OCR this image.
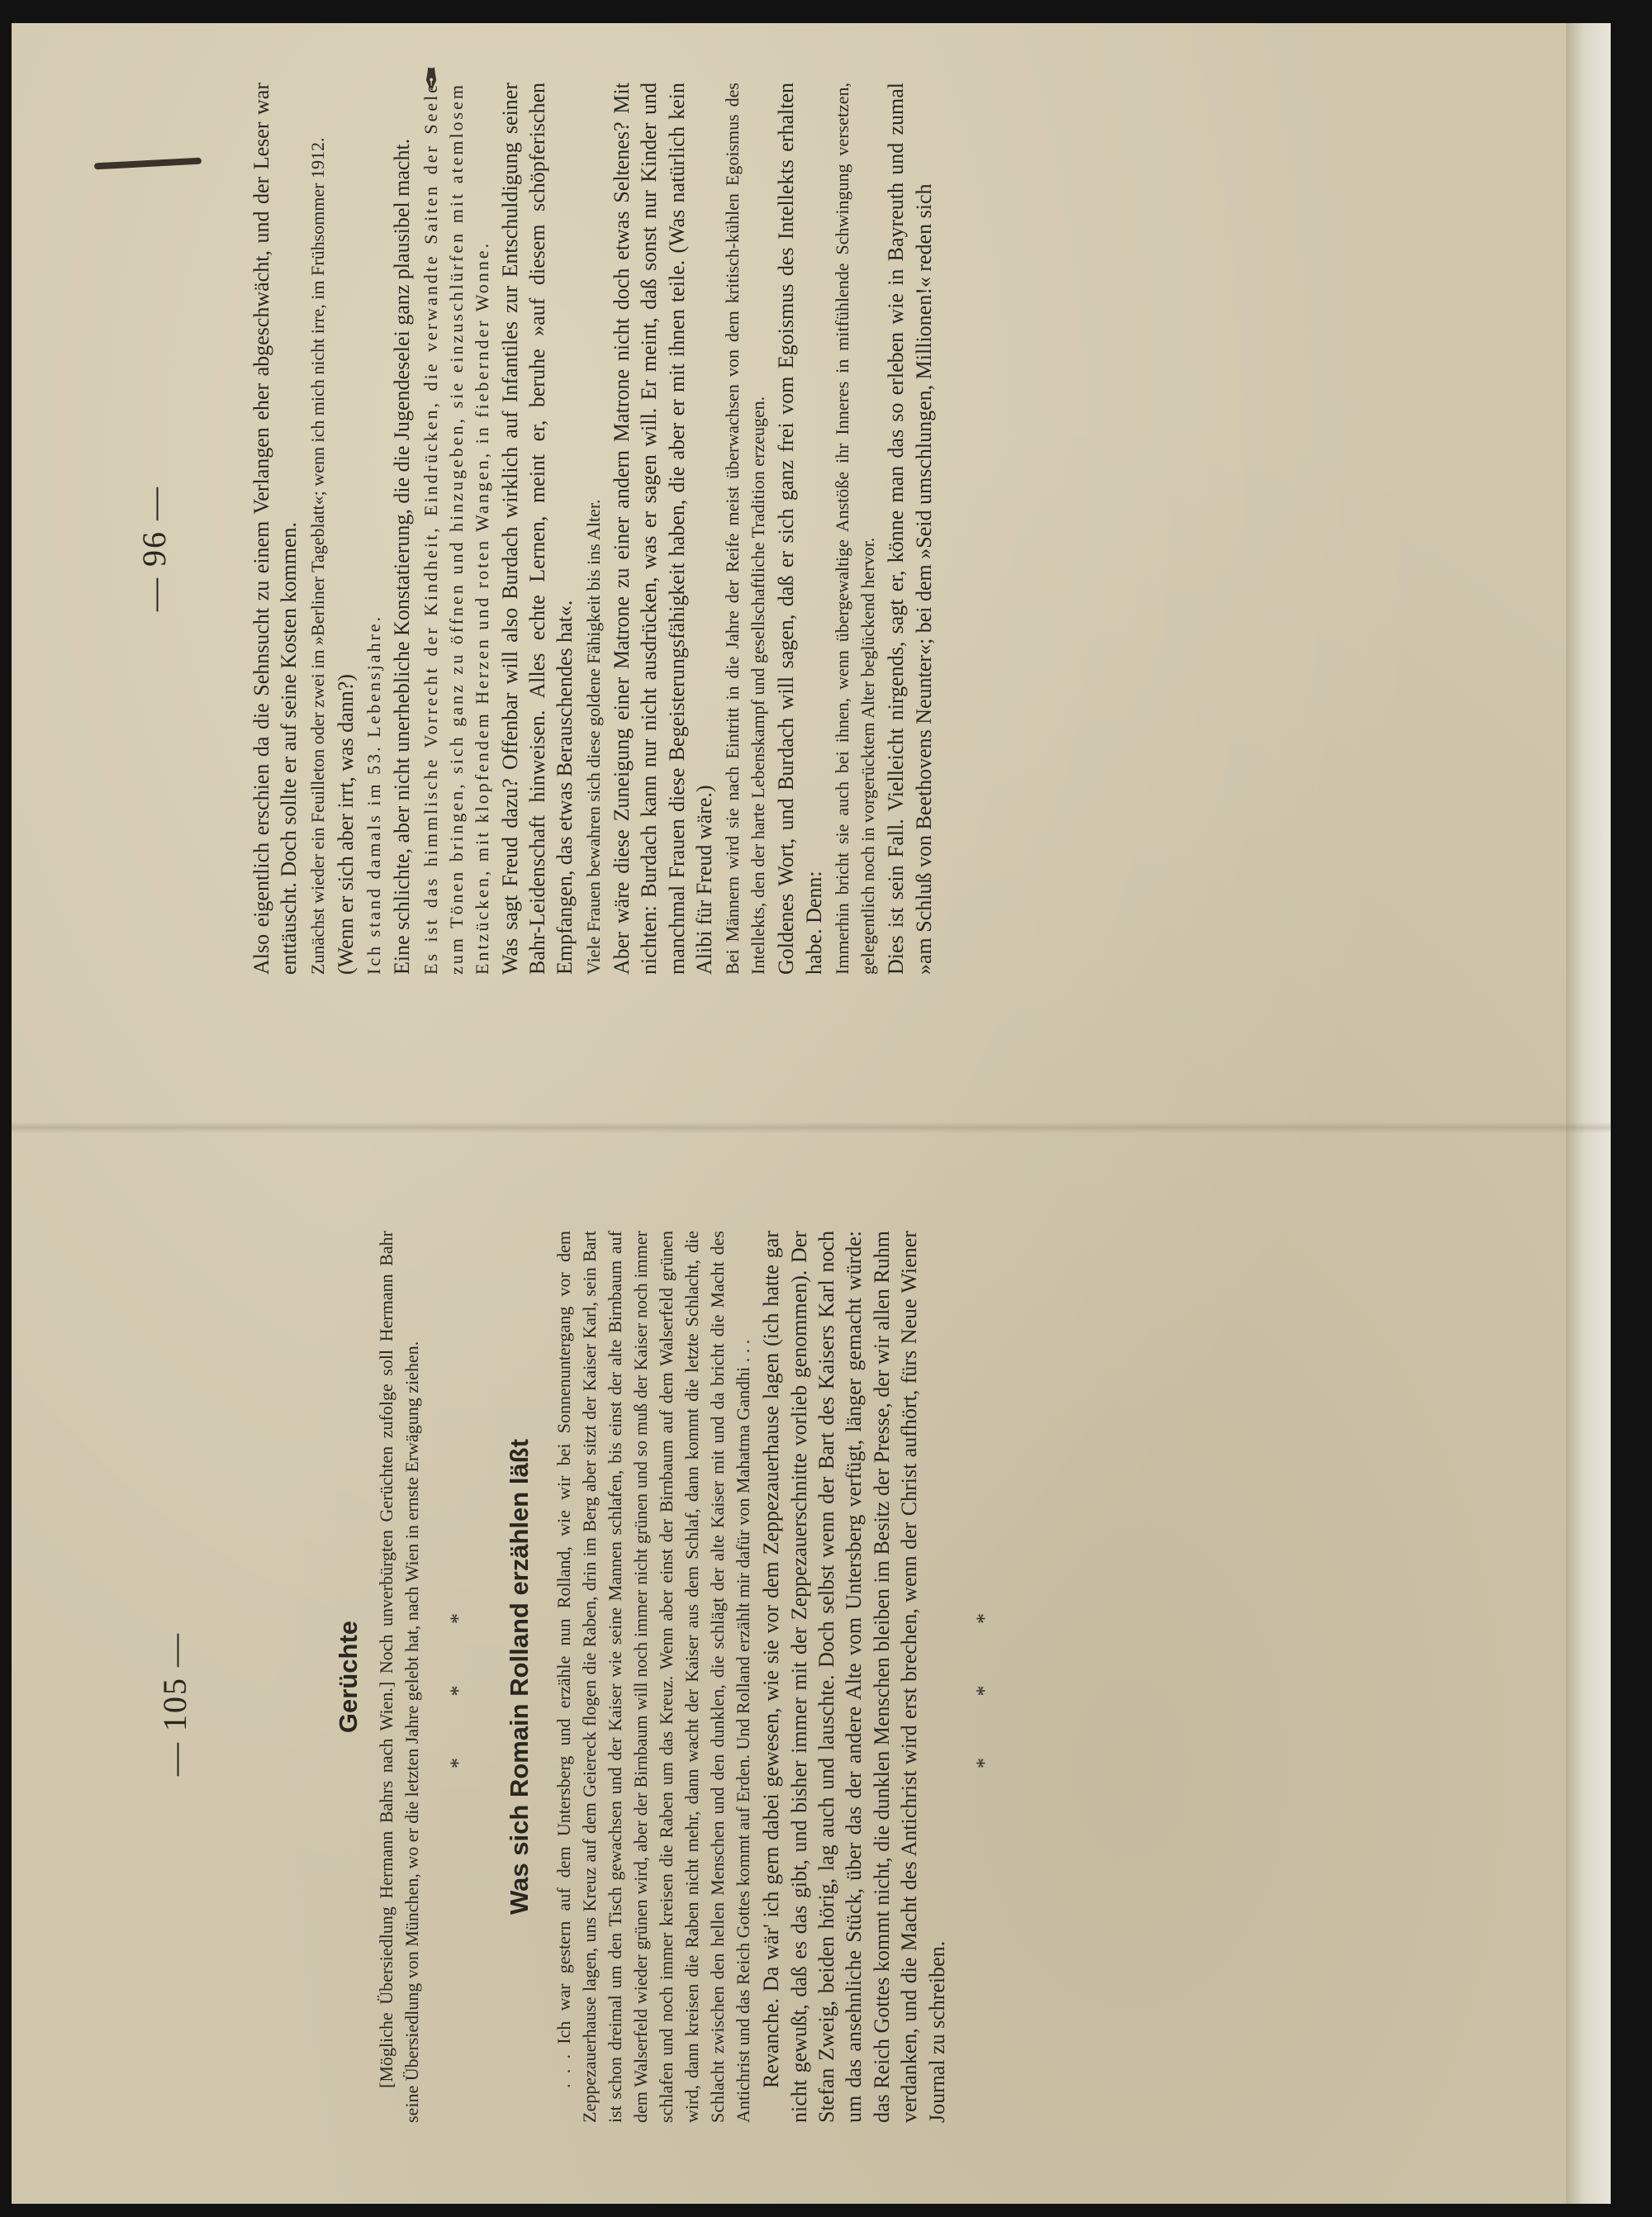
✒
— 96 —	Also eigentlich erschien da die Sehnsucht zu einem Verlangen eher abgeschwächt, und der Leser war enttäuscht. Doch sollte er auf seine Kosten kommen. Zunächst wieder ein Feuilleton oder zwei im »Berliner Tageblatt«; wenn ich mich nicht irre, im Frühsommer 1912. (Wenn er sich aber irrt, was dann?) Ich stand damals im 53. Lebensjahre. Eine schlichte, aber nicht unerhebliche Konstatierung, die die Jugendeselei ganz plausibel macht. Es ist das himmlische Vorrecht der Kindheit, Eindrücken, die verwandte Saiten der Seele zum Tönen bringen, sich ganz zu öffnen und hinzugeben, sie einzuschlürfen mit atemlosem Entzücken, mit klopfendem Herzen und roten Wangen, in fiebernder Wonne. Was sagt Freud dazu? Offenbar will also Burdach wirklich auf Infantiles zur Entschuldigung seiner Bahr-Leidenschaft hinweisen. Alles echte Lernen, meint er, beruhe »auf diesem schöpferischen Empfangen, das etwas Berauschendes hat«. Viele Frauen bewahren sich diese goldene Fähigkeit bis ins Alter. Aber wäre diese Zuneigung einer Matrone zu einer andern Matrone nicht doch etwas Seltenes? Mit nichten: Burdach kann nur nicht ausdrücken, was er sagen will. Er meint, daß sonst nur Kinder und manchmal Frauen diese Begeisterungsfähigkeit haben, die aber er mit ihnen teile. (Was natürlich kein Alibi für Freud wäre.) Bei Männern wird sie nach Eintritt in die Jahre der Reife meist überwachsen von dem kritisch-kühlen Egoismus des Intellekts, den der harte Lebenskampf und gesellschaftliche Tradition erzeugen. Goldenes Wort, und Burdach will sagen, daß er sich ganz frei vom Egoismus des Intellekts erhalten habe. Denn: Immerhin bricht sie auch bei ihnen, wenn übergewaltige Anstöße ihr Inneres in mitfühlende Schwingung versetzen, gelegentlich noch in vorgerücktem Alter beglückend hervor. Dies ist sein Fall. Vielleicht nirgends, sagt er, könne man das so erleben wie in Bayreuth und zumal »am Schluß von Beethovens Neunter«; bei dem »Seid umschlungen, Millionen!« reden sich

— 105 —	Gerüchte [Mögliche Übersiedlung Hermann Bahrs nach Wien.] Noch unverbürgten Gerüchten zufolge soll Hermann Bahr seine Übersiedlung von München, wo er die letzten Jahre gelebt hat, nach Wien in ernste Erwägung ziehen. * * * Was sich Romain Rolland erzählen läßt . . . Ich war gestern auf dem Untersberg und erzähle nun Rolland, wie wir bei Sonnenuntergang vor dem Zeppezauerhause lagen, uns Kreuz auf dem Geiereck flogen die Raben, drin im Berg aber sitzt der Kaiser Karl, sein Bart ist schon dreimal um den Tisch gewachsen und der Kaiser wie seine Mannen schlafen, bis einst der alte Birnbaum auf dem Walserfeld wieder grünen wird, aber der Birnbaum will noch immer nicht grünen und so muß der Kaiser noch immer schlafen und noch immer kreisen die Raben um das Kreuz. Wenn aber einst der Birnbaum auf dem Walserfeld grünen wird, dann kreisen die Raben nicht mehr, dann wacht der Kaiser aus dem Schlaf, dann kommt die letzte Schlacht, die Schlacht zwischen den hellen Menschen und den dunklen, die schlägt der alte Kaiser mit und da bricht die Macht des Antichrist und das Reich Gottes kommt auf Erden. Und Rolland erzählt mir dafür von Mahatma Gandhi . . . Revanche. Da wär' ich gern dabei gewesen, wie sie vor dem Zeppezauerhause lagen (ich hatte gar nicht gewußt, daß es das gibt, und bisher immer mit der Zeppezauerschnitte vorlieb genommen). Der Stefan Zweig, beiden hörig, lag auch und lauschte. Doch selbst wenn der Bart des Kaisers Karl noch um das ansehnliche Stück, über das der andere Alte vom Untersberg verfügt, länger gemacht würde: das Reich Gottes kommt nicht, die dunklen Menschen bleiben im Besitz der Presse, der wir allen Ruhm verdanken, und die Macht des Antichrist wird erst brechen, wenn der Christ aufhört, fürs Neue Wiener Journal zu schreiben.

* * *
